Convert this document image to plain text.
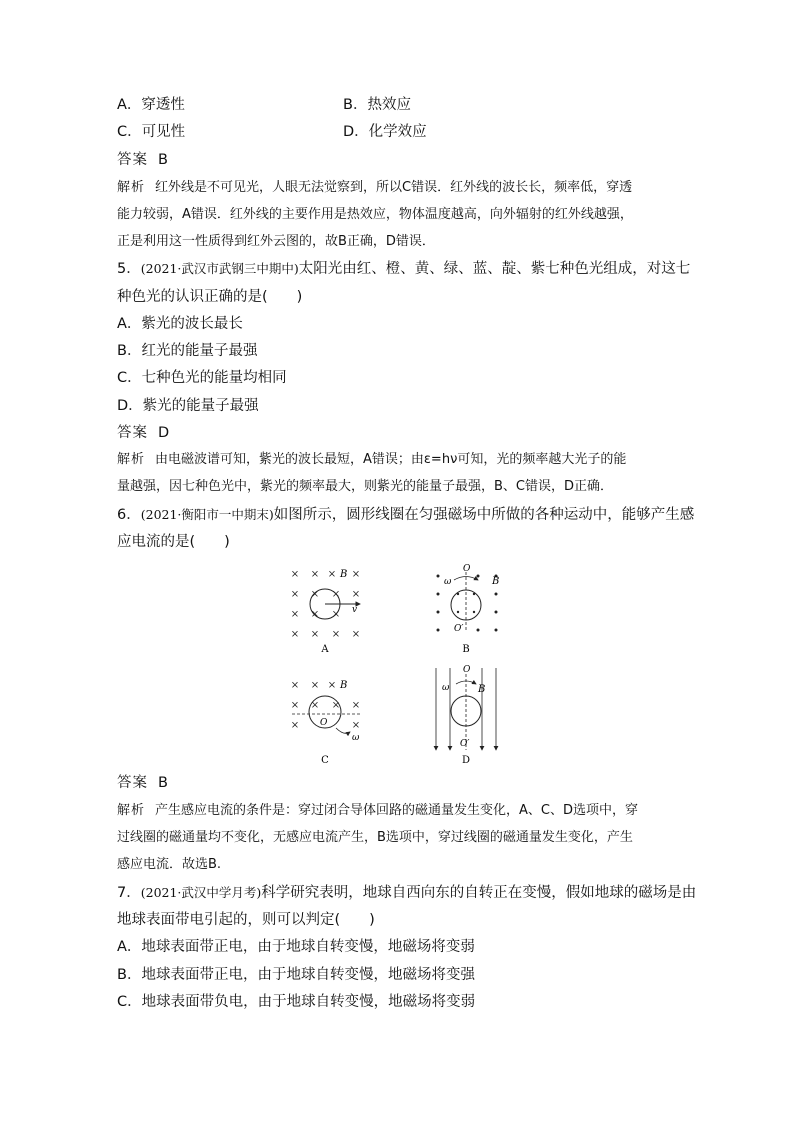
A．穿透性	B．热效应
C．可见性	D．化学效应
答案 B
解析 红外线是不可见光，人眼无法觉察到，所以C错误．红外线的波长长，频率低，穿透
能力较弱，A错误．红外线的主要作用是热效应，物体温度越高，向外辐射的红外线越强，
正是利用这一性质得到红外云图的，故B正确，D错误．
5．(2021·武汉市武钢三中期中)太阳光由红、橙、黄、绿、蓝、靛、紫七种色光组成，对这七
种色光的认识正确的是(　　)
A．紫光的波长最长
B．红光的能量子最强
C．七种色光的能量均相同
D．紫光的能量子最强
答案 D
解析 由电磁波谱可知，紫光的波长最短，A错误；由ε=hν可知，光的频率越大光子的能
量越强，因七种色光中，紫光的频率最大，则紫光的能量子最强，B、C错误，D正确．
6．(2021·衡阳市一中期末)如图所示，圆形线圈在匀强磁场中所做的各种运动中，能够产生感
应电流的是(　　)
× × × ×
× × × ×
× × ×
× × × ×
B
v
A
O
ω	B
O′
B
× × ×
×	×
×	×
× ×
B
O
ω
C
O
ω	B
O′
D
答案 B
解析 产生感应电流的条件是：穿过闭合导体回路的磁通量发生变化，A、C、D选项中，穿
过线圈的磁通量均不变化，无感应电流产生，B选项中，穿过线圈的磁通量发生变化，产生
感应电流．故选B.
7．(2021·武汉中学月考)科学研究表明，地球自西向东的自转正在变慢，假如地球的磁场是由
地球表面带电引起的，则可以判定(　　)
A．地球表面带正电，由于地球自转变慢，地磁场将变弱
B．地球表面带正电，由于地球自转变慢，地磁场将变强
C．地球表面带负电，由于地球自转变慢，地磁场将变弱
